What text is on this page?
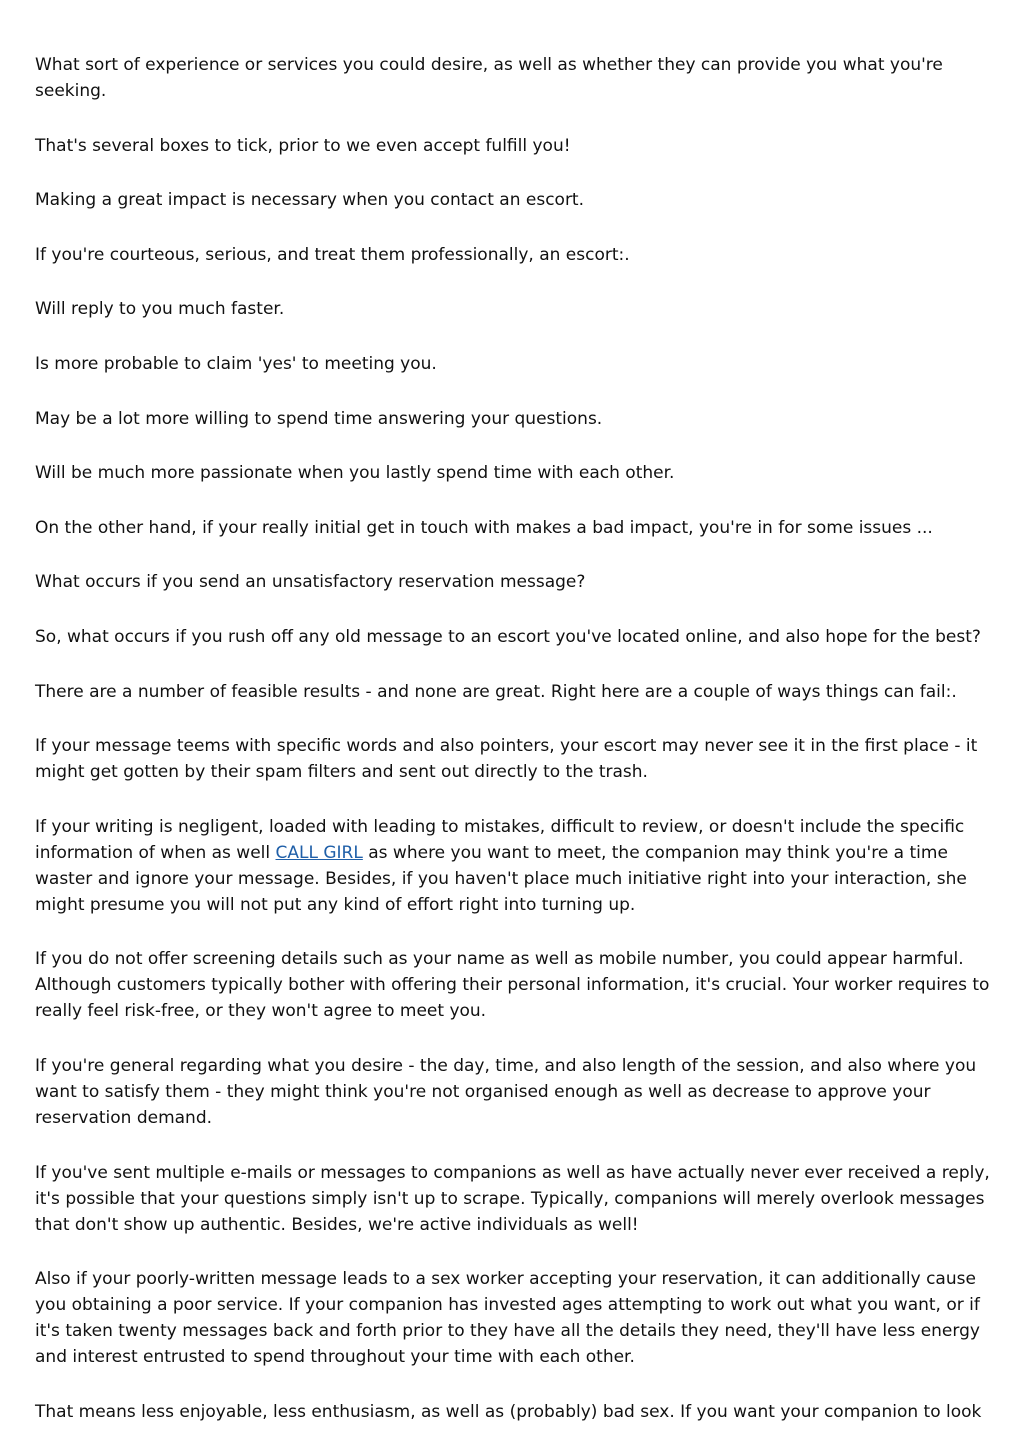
What sort of experience or services you could desire, as well as whether they can provide you what you're seeking.

That's several boxes to tick, prior to we even accept fulfill you!

Making a great impact is necessary when you contact an escort.

If you're courteous, serious, and treat them professionally, an escort:.

Will reply to you much faster.

Is more probable to claim 'yes' to meeting you.

May be a lot more willing to spend time answering your questions.

Will be much more passionate when you lastly spend time with each other.

On the other hand, if your really initial get in touch with makes a bad impact, you're in for some issues ...

What occurs if you send an unsatisfactory reservation message?

So, what occurs if you rush off any old message to an escort you've located online, and also hope for the best?

There are a number of feasible results - and none are great. Right here are a couple of ways things can fail:.

If your message teems with specific words and also pointers, your escort may never see it in the first place - it might get gotten by their spam filters and sent out directly to the trash.

If your writing is negligent, loaded with leading to mistakes, difficult to review, or doesn't include the specific information of when as well CALL GIRL as where you want to meet, the companion may think you're a time waster and ignore your message. Besides, if you haven't place much initiative right into your interaction, she might presume you will not put any kind of effort right into turning up.

If you do not offer screening details such as your name as well as mobile number, you could appear harmful. Although customers typically bother with offering their personal information, it's crucial. Your worker requires to really feel risk-free, or they won't agree to meet you.

If you're general regarding what you desire - the day, time, and also length of the session, and also where you want to satisfy them - they might think you're not organised enough as well as decrease to approve your reservation demand.

If you've sent multiple e-mails or messages to companions as well as have actually never ever received a reply, it's possible that your questions simply isn't up to scrape. Typically, companions will merely overlook messages that don't show up authentic. Besides, we're active individuals as well!

Also if your poorly-written message leads to a sex worker accepting your reservation, it can additionally cause you obtaining a poor service. If your companion has invested ages attempting to work out what you want, or if it's taken twenty messages back and forth prior to they have all the details they need, they'll have less energy and interest entrusted to spend throughout your time with each other.

That means less enjoyable, less enthusiasm, as well as (probably) bad sex. If you want your companion to look
